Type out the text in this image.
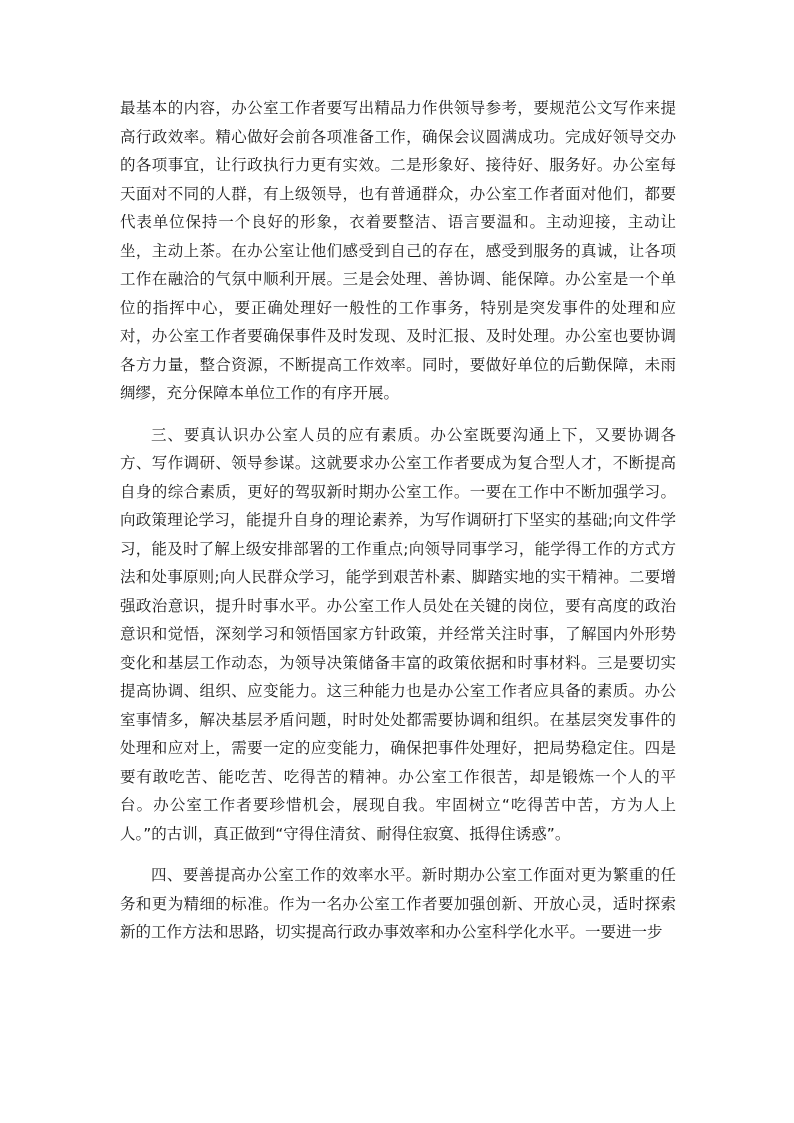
最基本的内容，办公室工作者要写出精品力作供领导参考，要规范公文写作来提高行政效率。精心做好会前各项准备工作，确保会议圆满成功。完成好领导交办的各项事宜，让行政执行力更有实效。二是形象好、接待好、服务好。办公室每天面对不同的人群，有上级领导，也有普通群众，办公室工作者面对他们，都要代表单位保持一个良好的形象，衣着要整洁、语言要温和。主动迎接，主动让坐，主动上茶。在办公室让他们感受到自己的存在，感受到服务的真诚，让各项工作在融洽的气氛中顺利开展。三是会处理、善协调、能保障。办公室是一个单位的指挥中心，要正确处理好一般性的工作事务，特别是突发事件的处理和应对，办公室工作者要确保事件及时发现、及时汇报、及时处理。办公室也要协调各方力量，整合资源，不断提高工作效率。同时，要做好单位的后勤保障，未雨绸缪，充分保障本单位工作的有序开展。

三、要真认识办公室人员的应有素质。办公室既要沟通上下，又要协调各方、写作调研、领导参谋。这就要求办公室工作者要成为复合型人才，不断提高自身的综合素质，更好的驾驭新时期办公室工作。一要在工作中不断加强学习。向政策理论学习，能提升自身的理论素养，为写作调研打下坚实的基础;向文件学习，能及时了解上级安排部署的工作重点;向领导同事学习，能学得工作的方式方法和处事原则;向人民群众学习，能学到艰苦朴素、脚踏实地的实干精神。二要增强政治意识，提升时事水平。办公室工作人员处在关键的岗位，要有高度的政治意识和觉悟，深刻学习和领悟国家方针政策，并经常关注时事，了解国内外形势变化和基层工作动态，为领导决策储备丰富的政策依据和时事材料。三是要切实提高协调、组织、应变能力。这三种能力也是办公室工作者应具备的素质。办公室事情多，解决基层矛盾问题，时时处处都需要协调和组织。在基层突发事件的处理和应对上，需要一定的应变能力，确保把事件处理好，把局势稳定住。四是要有敢吃苦、能吃苦、吃得苦的精神。办公室工作很苦，却是锻炼一个人的平台。办公室工作者要珍惜机会，展现自我。牢固树立“吃得苦中苦，方为人上人。”的古训，真正做到“守得住清贫、耐得住寂寞、抵得住诱惑”。

四、要善提高办公室工作的效率水平。新时期办公室工作面对更为繁重的任务和更为精细的标准。作为一名办公室工作者要加强创新、开放心灵，适时探索新的工作方法和思路，切实提高行政办事效率和办公室科学化水平。一要进一步
